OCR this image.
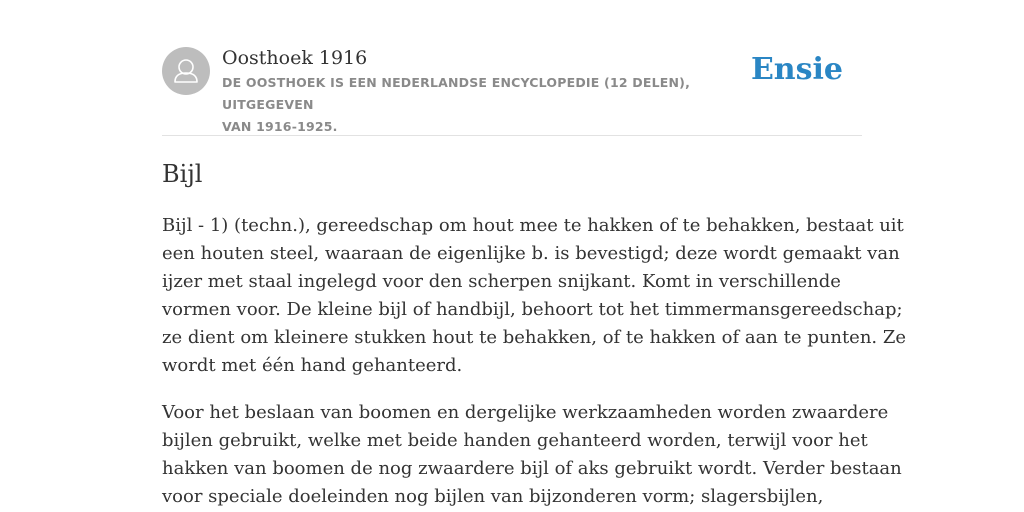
Oosthoek 1916
DE OOSTHOEK IS EEN NEDERLANDSE ENCYCLOPEDIE (12 DELEN), UITGEGEVEN
VAN 1916-1925.
Ensie
Bijl

Bijl - 1) (techn.), gereedschap om hout mee te hakken of te behakken, bestaat uit
een houten steel, waaraan de eigenlijke b. is bevestigd; deze wordt gemaakt van
ijzer met staal ingelegd voor den scherpen snijkant. Komt in verschillende
vormen voor. De kleine bijl of handbijl, behoort tot het timmermansgereedschap;
ze dient om kleinere stukken hout te behakken, of te hakken of aan te punten. Ze
wordt met één hand gehanteerd.

Voor het beslaan van boomen en dergelijke werkzaamheden worden zwaardere
bijlen gebruikt, welke met beide handen gehanteerd worden, terwijl voor het
hakken van boomen de nog zwaardere bijl of aks gebruikt wordt. Verder bestaan
voor speciale doeleinden nog bijlen van bijzonderen vorm; slagersbijlen,
